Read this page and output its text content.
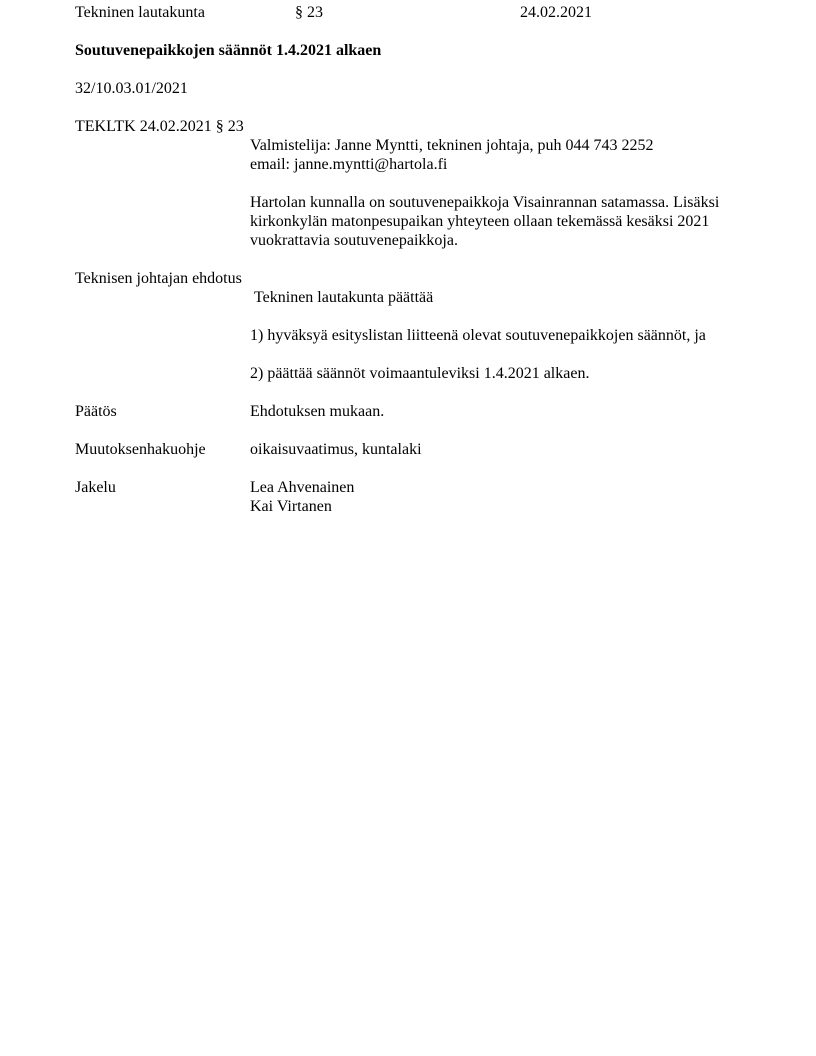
Tekninen lautakunta	§ 23	24.02.2021
Soutuvenepaikkojen säännöt 1.4.2021 alkaen
32/10.03.01/2021
TEKLTK 24.02.2021 § 23
Valmistelija: Janne Myntti, tekninen johtaja, puh 044 743 2252
email: janne.myntti@hartola.fi
Hartolan kunnalla on soutuvenepaikkoja Visainrannan satamassa. Lisäksi
kirkonkylän matonpesupaikan yhteyteen ollaan tekemässä kesäksi 2021
vuokrattavia soutuvenepaikkoja.
Teknisen johtajan ehdotus
Tekninen lautakunta päättää
1) hyväksyä esityslistan liitteenä olevat soutuvenepaikkojen säännöt, ja
2) päättää säännöt voimaantuleviksi 1.4.2021 alkaen.
Päätös	Ehdotuksen mukaan.
Muutoksenhakuohje	oikaisuvaatimus, kuntalaki
Jakelu	Lea Ahvenainen
Kai Virtanen
